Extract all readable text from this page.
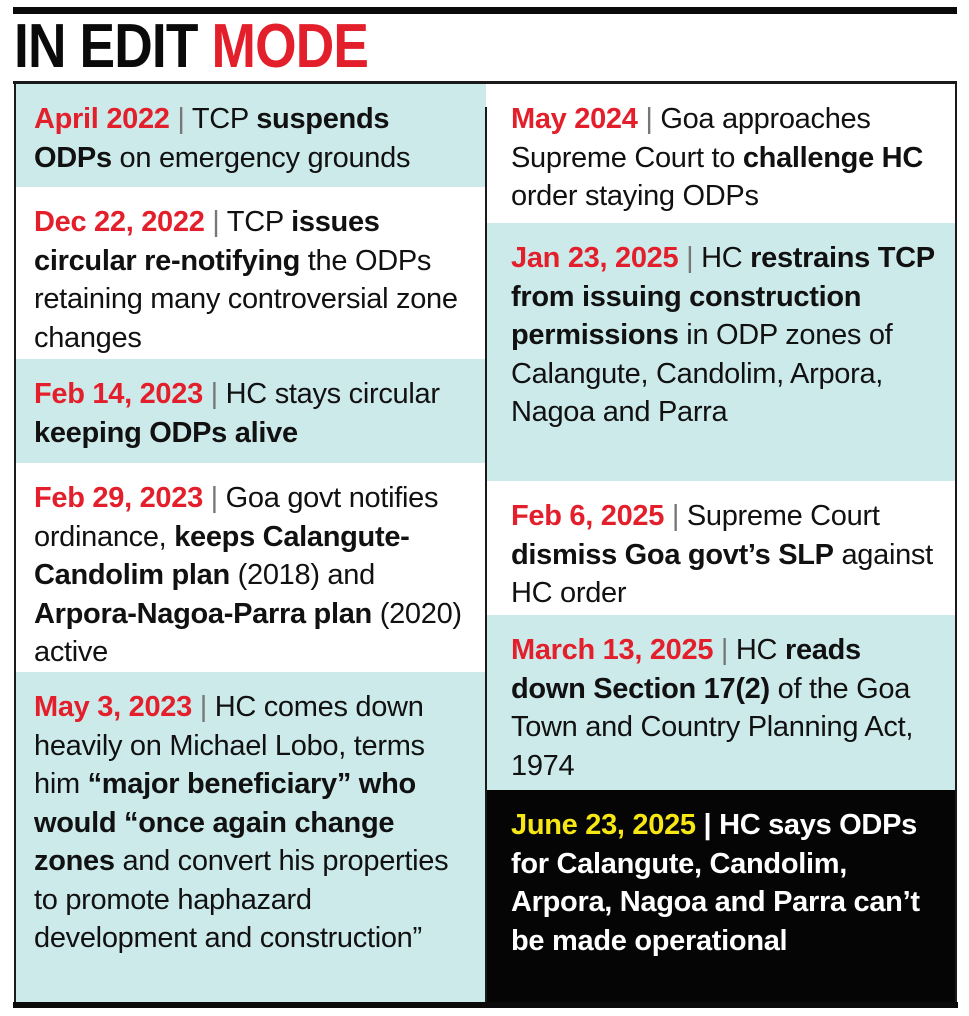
IN EDIT MODE
April 2022 | TCP suspends ODPs on emergency grounds
Dec 22, 2022 | TCP issues circular re-notifying the ODPs retaining many controversial zone changes
Feb 14, 2023 | HC stays circular keeping ODPs alive
Feb 29, 2023 | Goa govt notifies ordinance, keeps Calangute-Candolim plan (2018) and Arpora-Nagoa-Parra plan (2020) active
May 3, 2023 | HC comes down heavily on Michael Lobo, terms him “major beneficiary” who would “once again change zones and convert his properties to promote haphazard development and construction”
May 2024 | Goa approaches Supreme Court to challenge HC order staying ODPs
Jan 23, 2025 | HC restrains TCP from issuing construction permissions in ODP zones of Calangute, Candolim, Arpora, Nagoa and Parra
Feb 6, 2025 | Supreme Court dismiss Goa govt’s SLP against HC order
March 13, 2025 | HC reads down Section 17(2) of the Goa Town and Country Planning Act, 1974
June 23, 2025 | HC says ODPs for Calangute, Candolim, Arpora, Nagoa and Parra can’t be made operational
